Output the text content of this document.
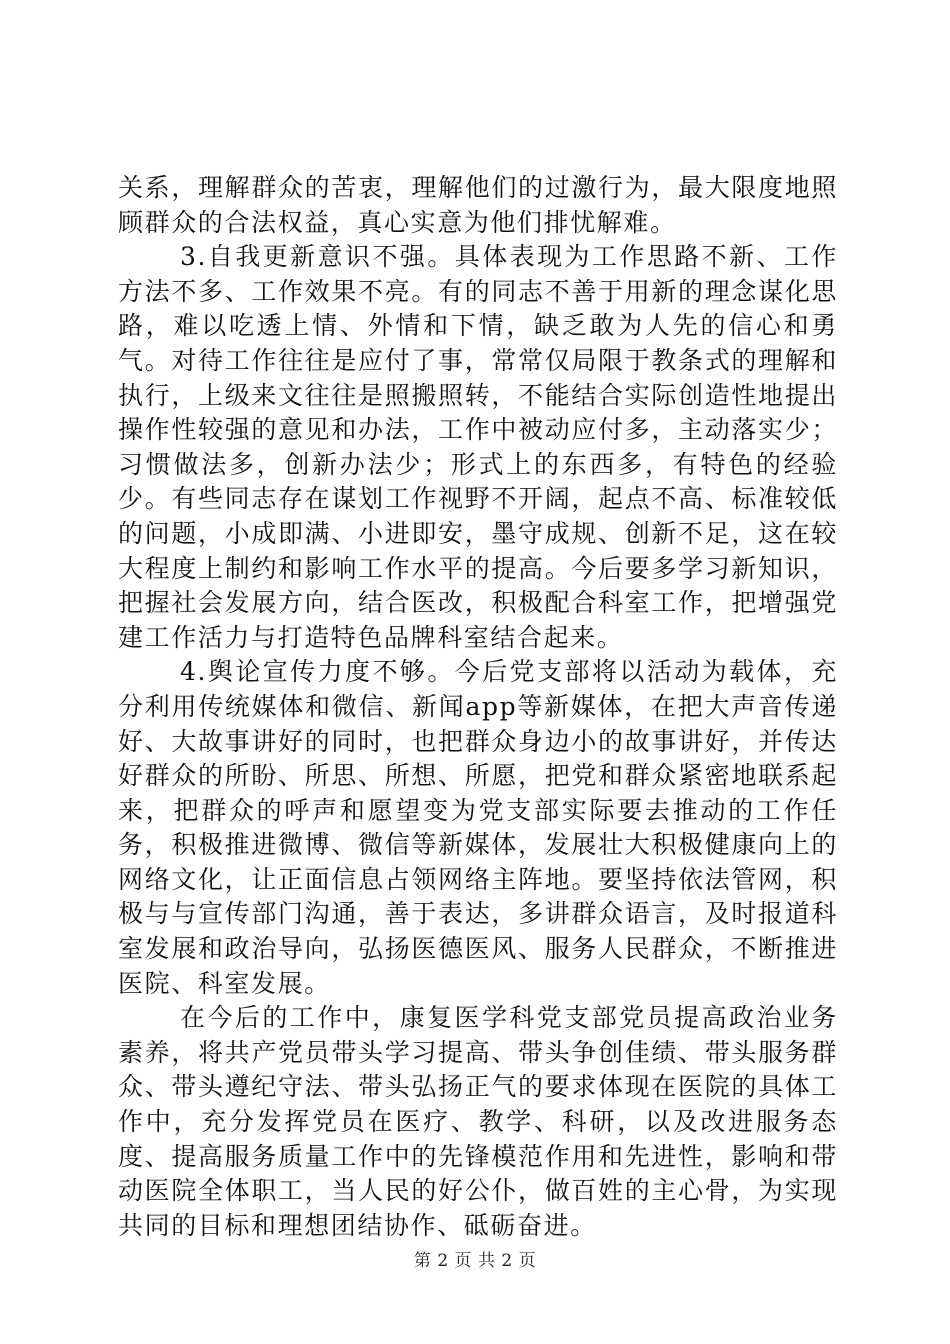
关系，理解群众的苦衷，理解他们的过激行为，最大限度地照顾群众的合法权益，真心实意为他们排忧解难。

3.自我更新意识不强。具体表现为工作思路不新、工作方法不多、工作效果不亮。有的同志不善于用新的理念谋化思路，难以吃透上情、外情和下情，缺乏敢为人先的信心和勇气。对待工作往往是应付了事，常常仅局限于教条式的理解和执行，上级来文往往是照搬照转，不能结合实际创造性地提出操作性较强的意见和办法，工作中被动应付多，主动落实少；习惯做法多，创新办法少；形式上的东西多，有特色的经验少。有些同志存在谋划工作视野不开阔，起点不高、标准较低的问题，小成即满、小进即安，墨守成规、创新不足，这在较大程度上制约和影响工作水平的提高。今后要多学习新知识，把握社会发展方向，结合医改，积极配合科室工作，把增强党建工作活力与打造特色品牌科室结合起来。

4.舆论宣传力度不够。今后党支部将以活动为载体，充分利用传统媒体和微信、新闻app等新媒体，在把大声音传递好、大故事讲好的同时，也把群众身边小的故事讲好，并传达好群众的所盼、所思、所想、所愿，把党和群众紧密地联系起来，把群众的呼声和愿望变为党支部实际要去推动的工作任务，积极推进微博、微信等新媒体，发展壮大积极健康向上的网络文化，让正面信息占领网络主阵地。要坚持依法管网，积极与与宣传部门沟通，善于表达，多讲群众语言，及时报道科室发展和政治导向，弘扬医德医风、服务人民群众，不断推进医院、科室发展。

在今后的工作中，康复医学科党支部党员提高政治业务素养，将共产党员带头学习提高、带头争创佳绩、带头服务群众、带头遵纪守法、带头弘扬正气的要求体现在医院的具体工作中，充分发挥党员在医疗、教学、科研，以及改进服务态度、提高服务质量工作中的先锋模范作用和先进性，影响和带动医院全体职工，当人民的好公仆，做百姓的主心骨，为实现共同的目标和理想团结协作、砥砺奋进。

第 2 页 共 2 页
